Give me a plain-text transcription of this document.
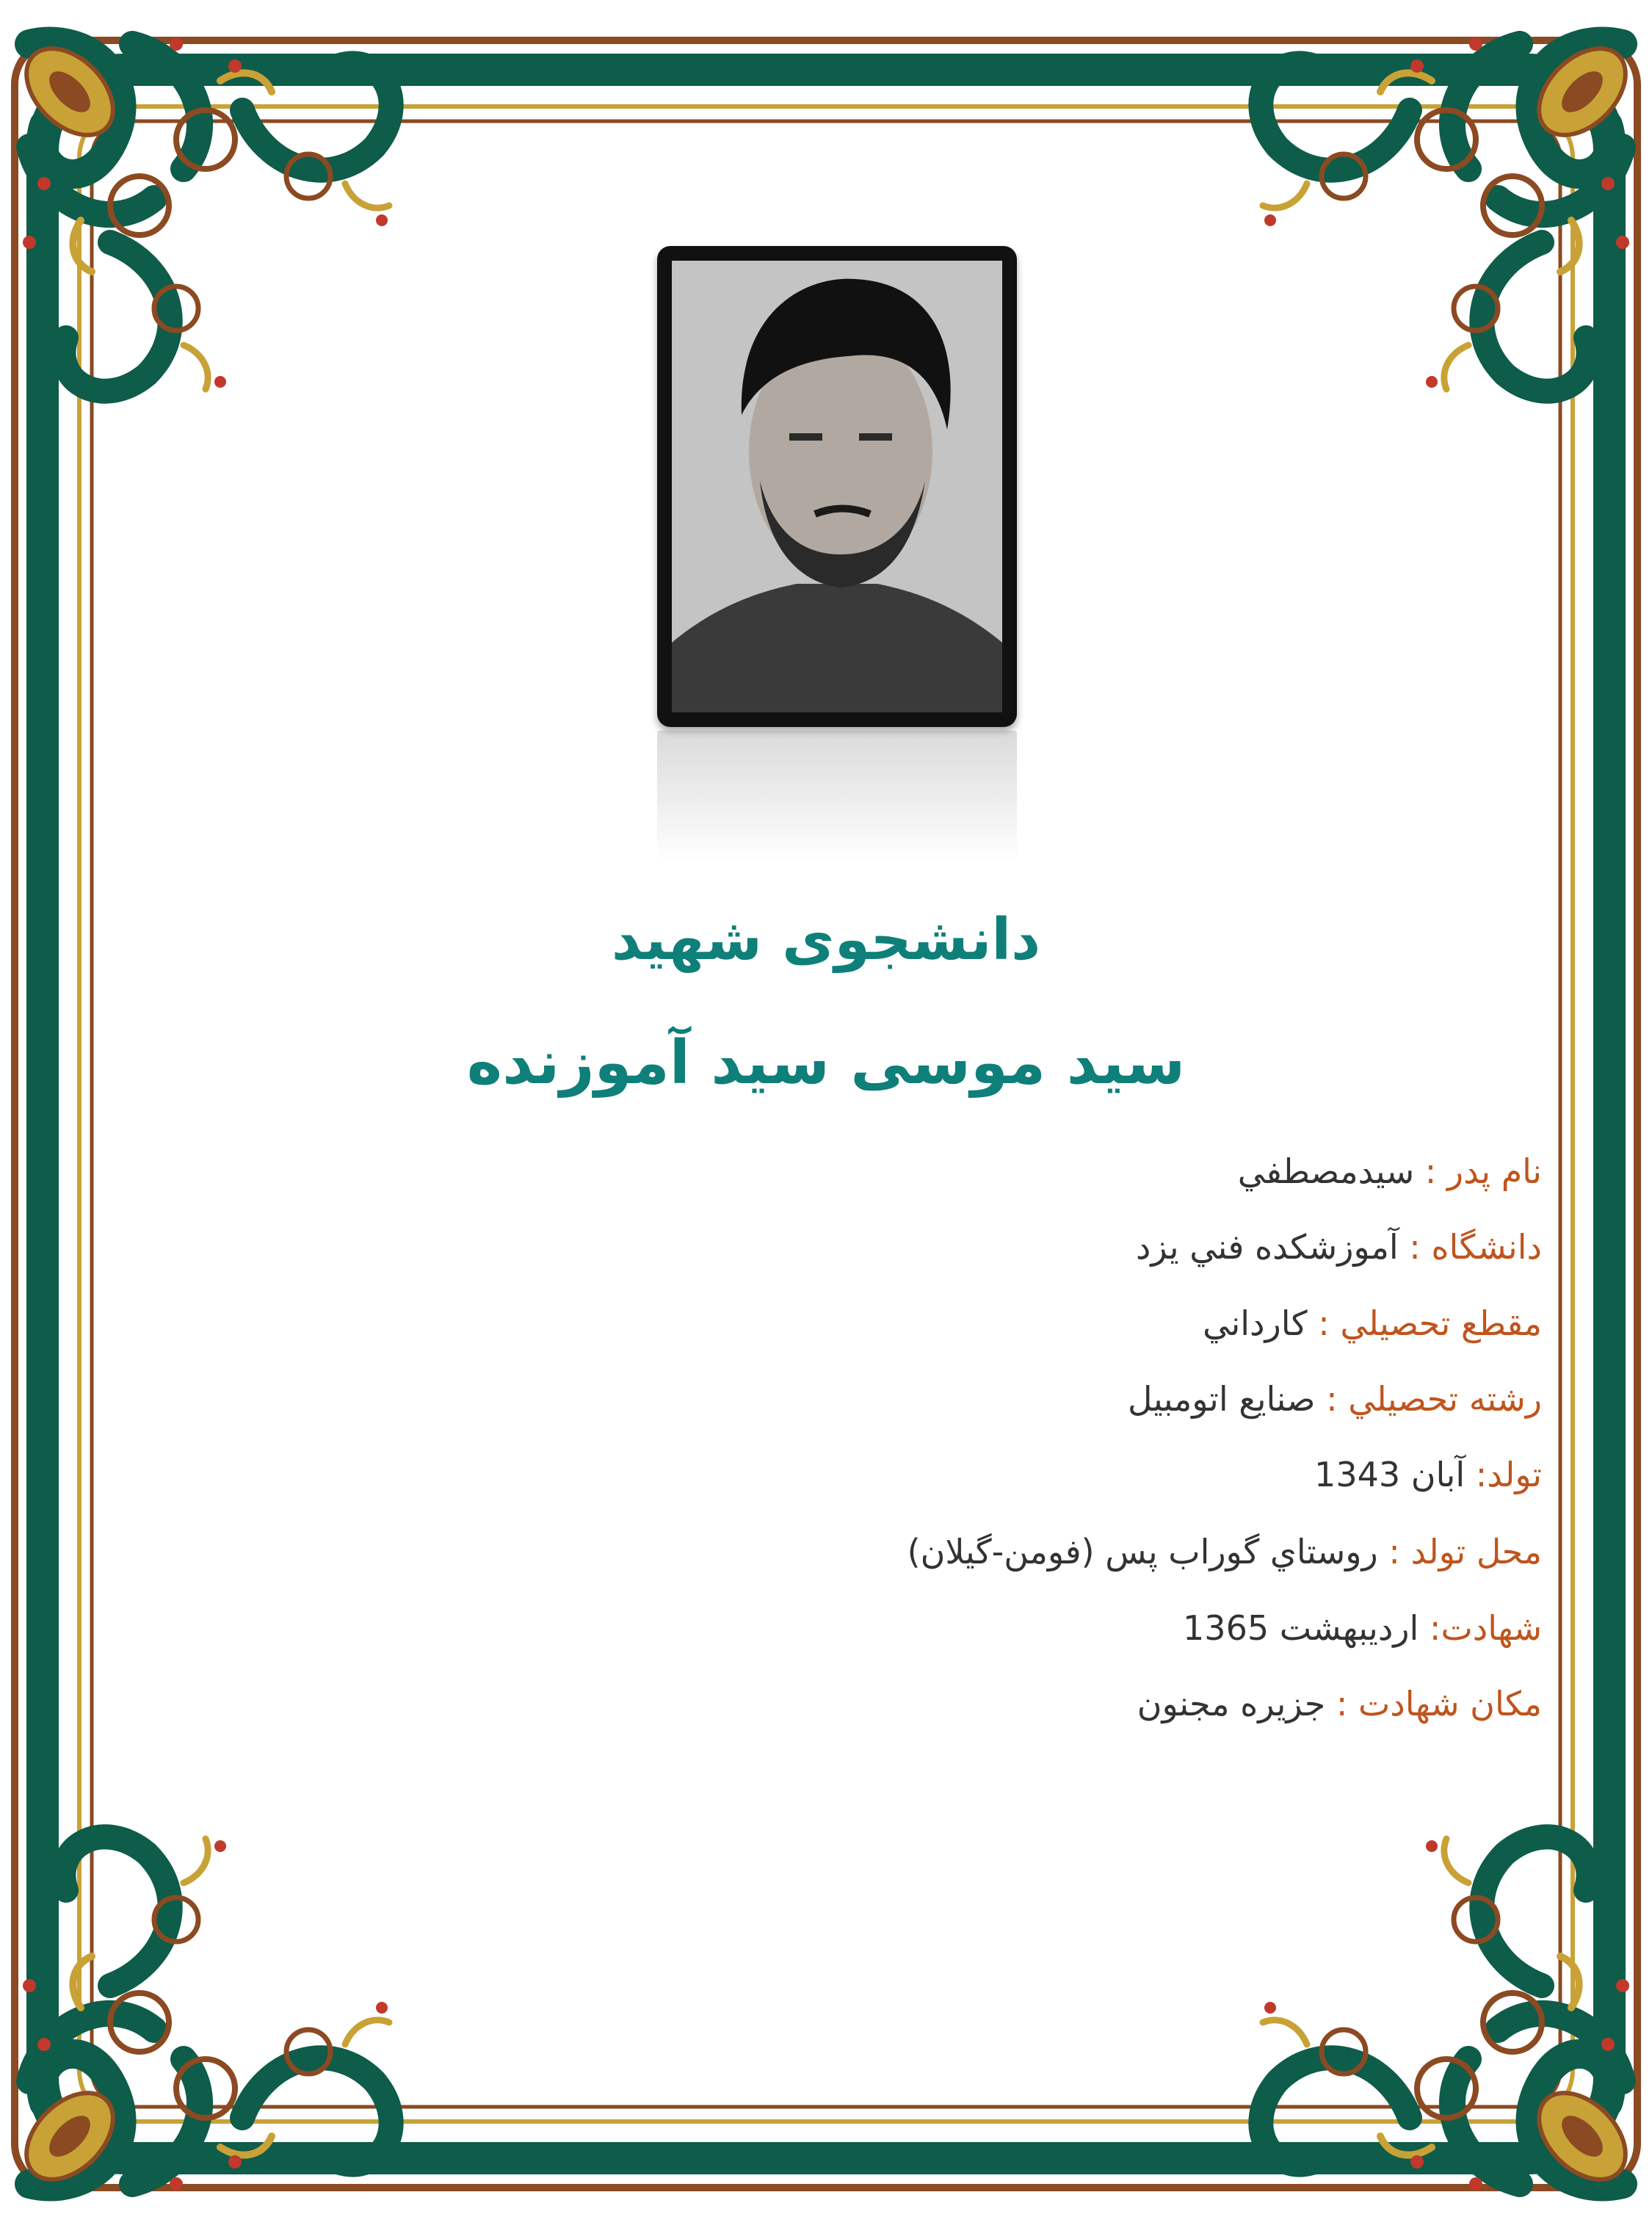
دانشجوی شهید
سید موسی سید آموزنده
نام پدر : سيدمصطفي
دانشگاه : آموزشكده فني يزد
مقطع تحصيلي : كارداني
رشته تحصيلي : صنايع اتومبيل
تولد: آبان 1343
محل تولد : روستاي گوراب پس (فومن-گيلان)
شهادت: ارديبهشت 1365
مکان شهادت : جزيره مجنون
